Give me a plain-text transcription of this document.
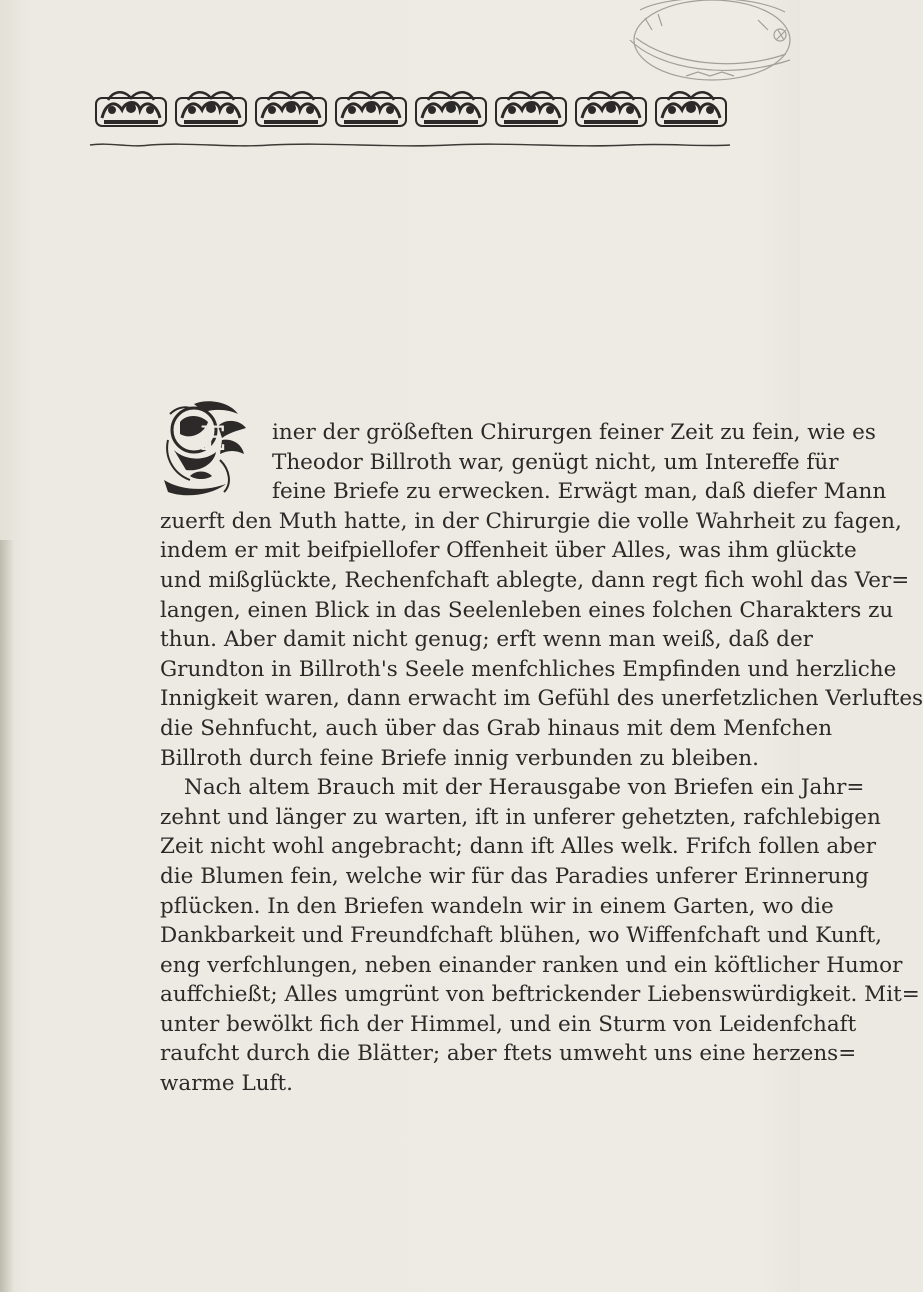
E	iner der größeften Chirurgen feiner Zeit zu fein, wie es
Theodor Billroth war, genügt nicht, um Intereffe für
feine Briefe zu erwecken. Erwägt man, daß diefer Mann
zuerft den Muth hatte, in der Chirurgie die volle Wahrheit zu fagen,
indem er mit beifpiellofer Offenheit über Alles, was ihm glückte
und mißglückte, Rechenfchaft ablegte, dann regt fich wohl das Ver=
langen, einen Blick in das Seelenleben eines folchen Charakters zu
thun. Aber damit nicht genug; erft wenn man weiß, daß der
Grundton in Billroth's Seele menfchliches Empfinden und herzliche
Innigkeit waren, dann erwacht im Gefühl des unerfetzlichen Verluftes
die Sehnfucht, auch über das Grab hinaus mit dem Menfchen
Billroth durch feine Briefe innig verbunden zu bleiben.
Nach altem Brauch mit der Herausgabe von Briefen ein Jahr=
zehnt und länger zu warten, ift in unferer gehetzten, rafchlebigen
Zeit nicht wohl angebracht; dann ift Alles welk. Frifch follen aber
die Blumen fein, welche wir für das Paradies unferer Erinnerung
pflücken. In den Briefen wandeln wir in einem Garten, wo die
Dankbarkeit und Freundfchaft blühen, wo Wiffenfchaft und Kunft,
eng verfchlungen, neben einander ranken und ein köftlicher Humor
auffchießt; Alles umgrünt von beftrickender Liebenswürdigkeit. Mit=
unter bewölkt fich der Himmel, und ein Sturm von Leidenfchaft
raufcht durch die Blätter; aber ftets umweht uns eine herzens=
warme Luft.
